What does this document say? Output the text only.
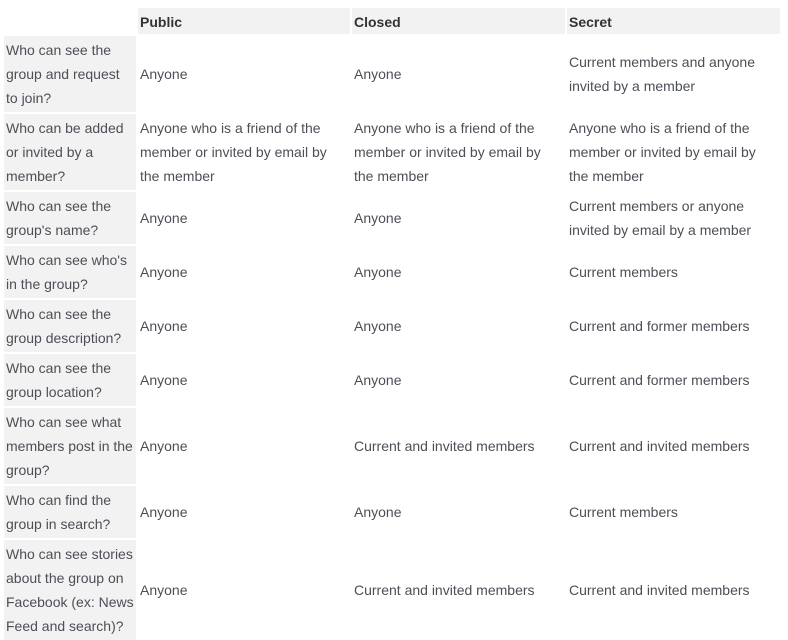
	Public	Closed	Secret
Who can see the group and request to join?	Anyone	Anyone	Current members and anyone invited by a member
Who can be added or invited by a member?	Anyone who is a friend of the member or invited by email by the member	Anyone who is a friend of the member or invited by email by the member	Anyone who is a friend of the member or invited by email by the member
Who can see the group's name?	Anyone	Anyone	Current members or anyone invited by email by a member
Who can see who's in the group?	Anyone	Anyone	Current members
Who can see the group description?	Anyone	Anyone	Current and former members
Who can see the group location?	Anyone	Anyone	Current and former members
Who can see what members post in the group?	Anyone	Current and invited members	Current and invited members
Who can find the group in search?	Anyone	Anyone	Current members
Who can see stories about the group on Facebook (ex: News Feed and search)?	Anyone	Current and invited members	Current and invited members
